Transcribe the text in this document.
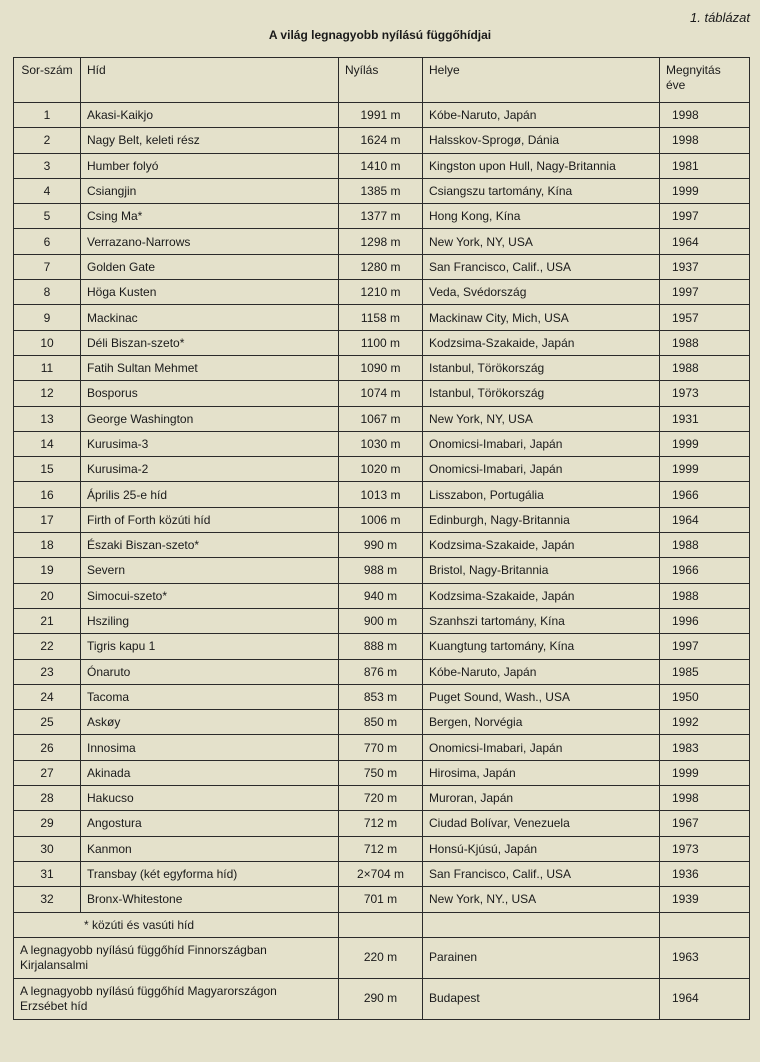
1. táblázat
A világ legnagyobb nyílású függőhídjai
Sor-szám	Híd	Nyílás	Helye	Megnyitás éve
1	Akasi-Kaikjo	1991 m	Kóbe-Naruto, Japán	1998
2	Nagy Belt, keleti rész	1624 m	Halsskov-Sprogø, Dánia	1998
3	Humber folyó	1410 m	Kingston upon Hull, Nagy-Britannia	1981
4	Csiangjin	1385 m	Csiangszu tartomány, Kína	1999
5	Csing Ma*	1377 m	Hong Kong, Kína	1997
6	Verrazano-Narrows	1298 m	New York, NY, USA	1964
7	Golden Gate	1280 m	San Francisco, Calif., USA	1937
8	Höga Kusten	1210 m	Veda, Svédország	1997
9	Mackinac	1158 m	Mackinaw City, Mich, USA	1957
10	Déli Biszan-szeto*	1100 m	Kodzsima-Szakaide, Japán	1988
11	Fatih Sultan Mehmet	1090 m	Istanbul, Törökország	1988
12	Bosporus	1074 m	Istanbul, Törökország	1973
13	George Washington	1067 m	New York, NY, USA	1931
14	Kurusima-3	1030 m	Onomicsi-Imabari, Japán	1999
15	Kurusima-2	1020 m	Onomicsi-Imabari, Japán	1999
16	Április 25-e híd	1013 m	Lisszabon, Portugália	1966
17	Firth of Forth közúti híd	1006 m	Edinburgh, Nagy-Britannia	1964
18	Északi Biszan-szeto*	990 m	Kodzsima-Szakaide, Japán	1988
19	Severn	988 m	Bristol, Nagy-Britannia	1966
20	Simocui-szeto*	940 m	Kodzsima-Szakaide, Japán	1988
21	Hsziling	900 m	Szanhszi tartomány, Kína	1996
22	Tigris kapu 1	888 m	Kuangtung tartomány, Kína	1997
23	Ónaruto	876 m	Kóbe-Naruto, Japán	1985
24	Tacoma	853 m	Puget Sound, Wash., USA	1950
25	Askøy	850 m	Bergen, Norvégia	1992
26	Innosima	770 m	Onomicsi-Imabari, Japán	1983
27	Akinada	750 m	Hirosima, Japán	1999
28	Hakucso	720 m	Muroran, Japán	1998
29	Angostura	712 m	Ciudad Bolívar, Venezuela	1967
30	Kanmon	712 m	Honsú-Kjúsú, Japán	1973
31	Transbay (két egyforma híd)	2×704 m	San Francisco, Calif., USA	1936
32	Bronx-Whitestone	701 m	New York, NY., USA	1939
* közúti és vasúti híd				

A legnagyobb nyílású függőhíd Finnországban
Kirjalansalmi		220 m	Parainen	1963

A legnagyobb nyílású függőhíd Magyarországon
Erzsébet híd		290 m	Budapest	1964
